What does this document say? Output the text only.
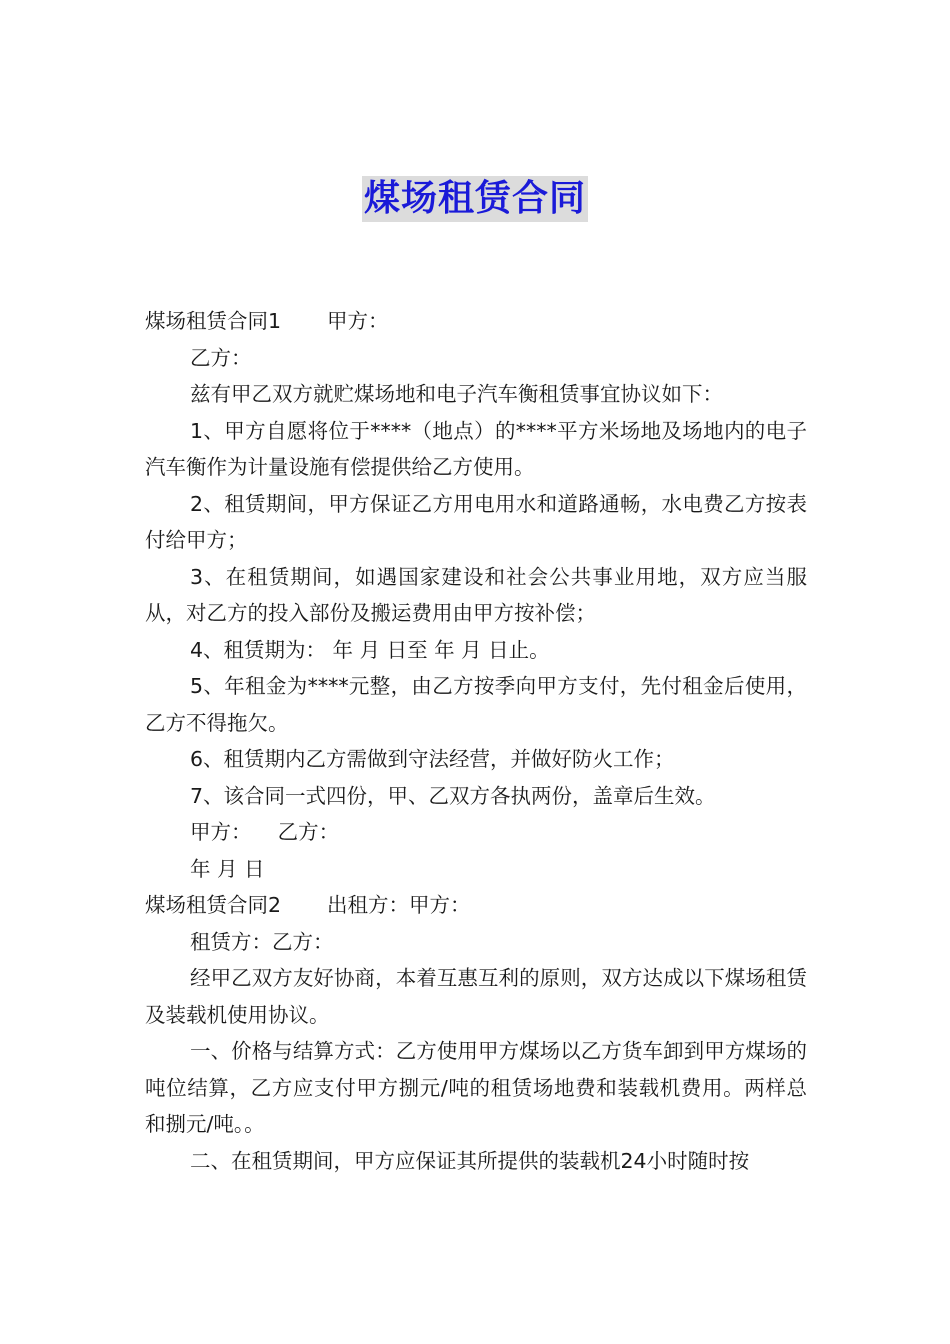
煤场租赁合同

煤场租赁合同1 甲方：

乙方：

兹有甲乙双方就贮煤场地和电子汽车衡租赁事宜协议如下：

1、甲方自愿将位于****（地点）的****平方米场地及场地内的电子汽车衡作为计量设施有偿提供给乙方使用。

2、租赁期间，甲方保证乙方用电用水和道路通畅，水电费乙方按表付给甲方；

3、在租赁期间，如遇国家建设和社会公共事业用地，双方应当服从，对乙方的投入部份及搬运费用由甲方按补偿；

4、租赁期为： 年 月 日至 年 月 日止。

5、年租金为****元整，由乙方按季向甲方支付，先付租金后使用，乙方不得拖欠。

6、租赁期内乙方需做到守法经营，并做好防火工作；

7、该合同一式四份，甲、乙双方各执两份，盖章后生效。

甲方：    乙方：

年 月 日

煤场租赁合同2 出租方：甲方：

租赁方：乙方：

经甲乙双方友好协商，本着互惠互利的原则，双方达成以下煤场租赁及装载机使用协议。

一、价格与结算方式：乙方使用甲方煤场以乙方货车卸到甲方煤场的吨位结算，乙方应支付甲方捌元/吨的租赁场地费和装载机费用。两样总和捌元/吨。。

二、在租赁期间，甲方应保证其所提供的装载机24小时随时按
